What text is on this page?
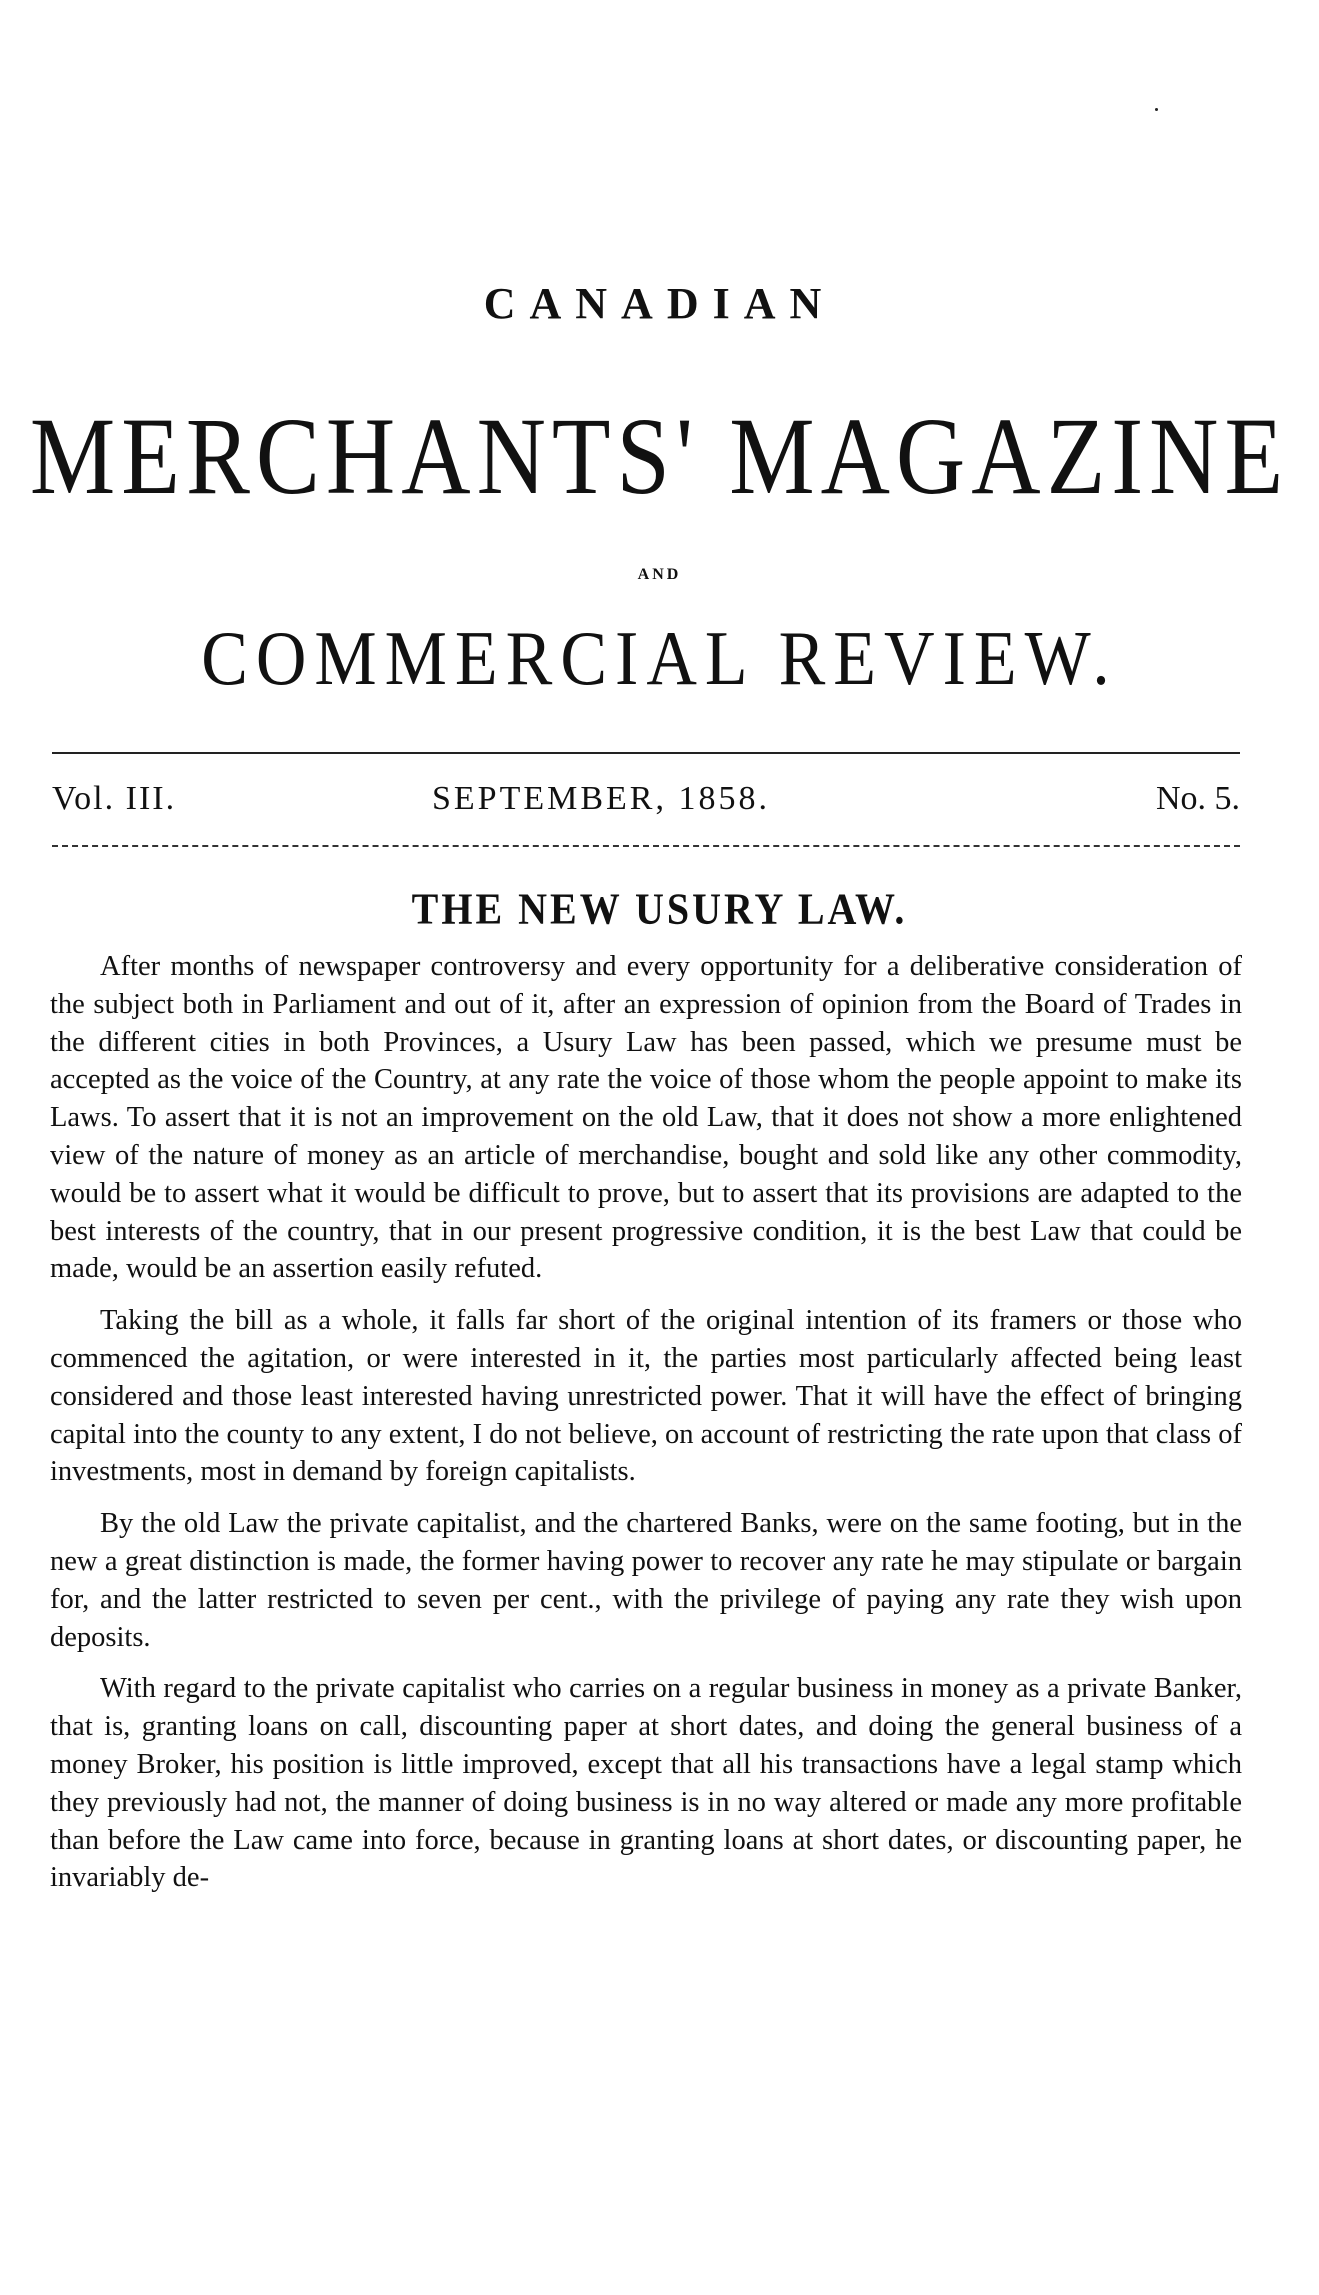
CANADIAN
MERCHANTS' MAGAZINE
AND
COMMERCIAL REVIEW.
Vol. III.	SEPTEMBER, 1858.	No. 5.
THE NEW USURY LAW.

After months of newspaper controversy and every opportunity for a deliberative consideration of the subject both in Parliament and out of it, after an expression of opinion from the Board of Trades in the different cities in both Provinces, a Usury Law has been passed, which we presume must be accepted as the voice of the Country, at any rate the voice of those whom the people appoint to make its Laws. To assert that it is not an improvement on the old Law, that it does not show a more enlightened view of the nature of money as an article of merchandise, bought and sold like any other commodity, would be to assert what it would be difficult to prove, but to assert that its provisions are adapted to the best interests of the country, that in our present progressive condition, it is the best Law that could be made, would be an assertion easily refuted.

Taking the bill as a whole, it falls far short of the original intention of its framers or those who commenced the agitation, or were interested in it, the parties most particularly affected being least considered and those least interested having unrestricted power. That it will have the effect of bringing capital into the county to any extent, I do not believe, on account of restricting the rate upon that class of investments, most in demand by foreign capitalists.

By the old Law the private capitalist, and the chartered Banks, were on the same footing, but in the new a great distinction is made, the former having power to recover any rate he may stipulate or bargain for, and the latter restricted to seven per cent., with the privilege of paying any rate they wish upon deposits.

With regard to the private capitalist who carries on a regular business in money as a private Banker, that is, granting loans on call, discounting paper at short dates, and doing the general business of a money Broker, his position is little improved, except that all his transactions have a legal stamp which they previously had not, the manner of doing business is in no way altered or made any more profitable than before the Law came into force, because in granting loans at short dates, or discounting paper, he invariably de-
